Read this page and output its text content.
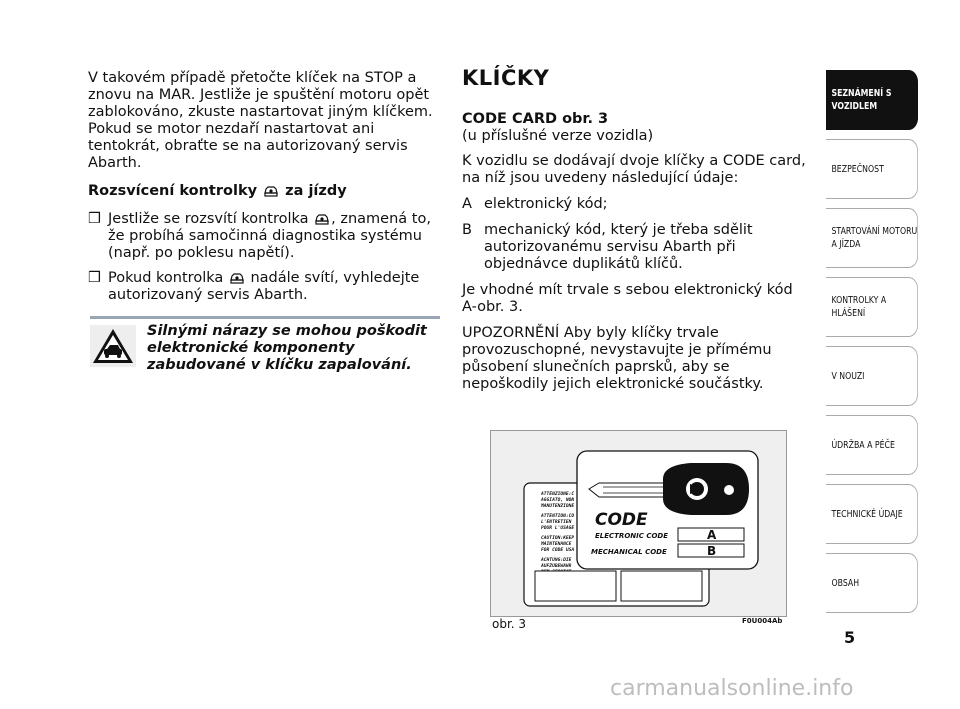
V takovém případě přetočte klíček na STOP a znovu na MAR. Jestliže je spuštění motoru opět zablokováno, zkuste nastartovat jiným klíčkem. Pokud se motor nezdaří nastartovat ani tentokrát, obraťte se na autorizovaný servis Abarth.

Rozsvícení kontrolky za jízdy

❒ Jestliže se rozsvítí kontrolka , znamená to, že probíhá samočinná diagnostika systému (např. po poklesu napětí).

❒ Pokud kontrolka nadále svítí, vyhledejte autorizovaný servis Abarth.

Silnými nárazy se mohou poškodit elektronické komponenty zabudované v klíčku zapalování.
KLÍČKY

CODE CARD obr. 3
(u příslušné verze vozidla)

K vozidlu se dodávají dvoje klíčky a CODE card, na níž jsou uvedeny následující údaje:

A elektronický kód;

B mechanický kód, který je třeba sdělit autorizovanému servisu Abarth při objednávce duplikátů klíčů.

Je vhodné mít trvale s sebou elektronický kód A-obr. 3.

UPOZORNĚNÍ Aby byly klíčky trvale provozuschopné, nevystavujte je přímému působení slunečních paprsků, aby se nepoškodily jejich elektronické součástky.

ATTENZIONE:C
AGGIATO, NON
MANUTENZIONE
ATTENTION:CO
L'ENTRETIEN
POUR L'USAGE
CAUTION:KEEP
MAINTENANCE
FOR CODE USA
ACHTUNG:DIE
AUFZUBEWAHR
CODE
ELECTRONIC CODE	A
MECHANICAL CODE	B
obr. 3	F0U004Ab
SEZNÁMENÍ S VOZIDLEM
BEZPEČNOST
STARTOVÁNÍ MOTORU A JÍZDA
KONTROLKY A HLÁŠENÍ
V NOUZI
ÚDRŽBA A PÉČE
TECHNICKÉ ÚDAJE
OBSAH
5
carmanualsonline.info
